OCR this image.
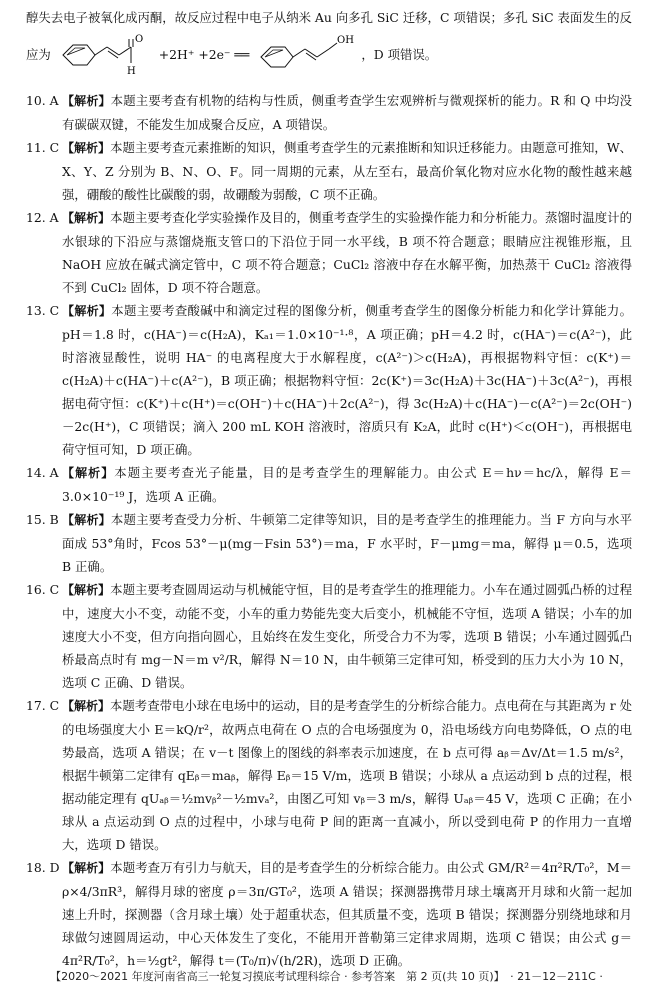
醇失去电子被氧化成丙酮，故反应过程中电子从纳米 Au 向多孔 SiC 迁移，C 项错误；多孔 SiC 表面发生的反

应为
O
H
+2H⁺ +2e⁻ ══
OH
，D 项错误。
10. A 【解析】本题主要考查有机物的结构与性质，侧重考查学生宏观辨析与微观探析的能力。R 和 Q 中均没有碳碳双键，不能发生加成聚合反应，A 项错误。
11. C 【解析】本题主要考查元素推断的知识，侧重考查学生的元素推断和知识迁移能力。由题意可推知，W、X、Y、Z 分别为 B、N、O、F。同一周期的元素，从左至右，最高价氧化物对应水化物的酸性越来越强，硼酸的酸性比碳酸的弱，故硼酸为弱酸，C 项不正确。
12. A 【解析】本题主要考查化学实验操作及目的，侧重考查学生的实验操作能力和分析能力。蒸馏时温度计的水银球的下沿应与蒸馏烧瓶支管口的下沿位于同一水平线，B 项不符合题意；眼睛应注视锥形瓶，且 NaOH 应放在碱式滴定管中，C 项不符合题意；CuCl₂ 溶液中存在水解平衡，加热蒸干 CuCl₂ 溶液得不到 CuCl₂ 固体，D 项不符合题意。
13. C 【解析】本题主要考查酸碱中和滴定过程的图像分析，侧重考查学生的图像分析能力和化学计算能力。pH＝1.8 时，c(HA⁻)＝c(H₂A)，Kₐ₁＝1.0×10⁻¹·⁸，A 项正确；pH＝4.2 时，c(HA⁻)＝c(A²⁻)，此时溶液显酸性，说明 HA⁻ 的电离程度大于水解程度，c(A²⁻)＞c(H₂A)，再根据物料守恒：c(K⁺)＝c(H₂A)＋c(HA⁻)＋c(A²⁻)，B 项正确；根据物料守恒：2c(K⁺)＝3c(H₂A)＋3c(HA⁻)＋3c(A²⁻)，再根据电荷守恒：c(K⁺)＋c(H⁺)＝c(OH⁻)＋c(HA⁻)＋2c(A²⁻)，得 3c(H₂A)＋c(HA⁻)－c(A²⁻)＝2c(OH⁻)－2c(H⁺)，C 项错误；滴入 200 mL KOH 溶液时，溶质只有 K₂A，此时 c(H⁺)＜c(OH⁻)，再根据电荷守恒可知，D 项正确。
14. A 【解析】本题主要考查光子能量，目的是考查学生的理解能力。由公式 E＝hν＝hc/λ，解得 E＝3.0×10⁻¹⁹ J，选项 A 正确。
15. B 【解析】本题主要考查受力分析、牛顿第二定律等知识，目的是考查学生的推理能力。当 F 方向与水平面成 53°角时，Fcos 53°－μ(mg－Fsin 53°)＝ma，F 水平时，F－μmg＝ma，解得 μ＝0.5，选项 B 正确。
16. C 【解析】本题主要考查圆周运动与机械能守恒，目的是考查学生的推理能力。小车在通过圆弧凸桥的过程中，速度大小不变，动能不变，小车的重力势能先变大后变小，机械能不守恒，选项 A 错误；小车的加速度大小不变，但方向指向圆心，且始终在发生变化，所受合力不为零，选项 B 错误；小车通过圆弧凸桥最高点时有 mg－N＝m v²/R，解得 N＝10 N，由牛顿第三定律可知，桥受到的压力大小为 10 N，选项 C 正确、D 错误。
17. C 【解析】本题考查带电小球在电场中的运动，目的是考查学生的分析综合能力。点电荷在与其距离为 r 处的电场强度大小 E＝kQ/r²，故两点电荷在 O 点的合电场强度为 0，沿电场线方向电势降低，O 点的电势最高，选项 A 错误；在 v－t 图像上的图线的斜率表示加速度，在 b 点可得 aᵦ＝Δv/Δt＝1.5 m/s²，根据牛顿第二定律有 qEᵦ＝maᵦ，解得 Eᵦ＝15 V/m，选项 B 错误；小球从 a 点运动到 b 点的过程，根据动能定理有 qUₐᵦ＝½mvᵦ²－½mvₐ²，由图乙可知 vᵦ＝3 m/s，解得 Uₐᵦ＝45 V，选项 C 正确；在小球从 a 点运动到 O 点的过程中，小球与电荷 P 间的距离一直减小，所以受到电荷 P 的作用力一直增大，选项 D 错误。
18. D 【解析】本题考查万有引力与航天，目的是考查学生的分析综合能力。由公式 GM/R²＝4π²R/T₀²，M＝ρ×4/3πR³，解得月球的密度 ρ＝3π/GT₀²，选项 A 错误；探测器携带月球土壤离开月球和火箭一起加速上升时，探测器（含月球土壤）处于超重状态，但其质量不变，选项 B 错误；探测器分别绕地球和月球做匀速圆周运动，中心天体发生了变化，不能用开普勒第三定律求周期，选项 C 错误；由公式 g＝4π²R/T₀²，h＝½gt²，解得 t＝(T₀/π)√(h/2R)，选项 D 正确。
【2020～2021 年度河南省高三一轮复习摸底考试理科综合 · 参考答案　第 2 页(共 10 页)】　· 21－12－211C ·
